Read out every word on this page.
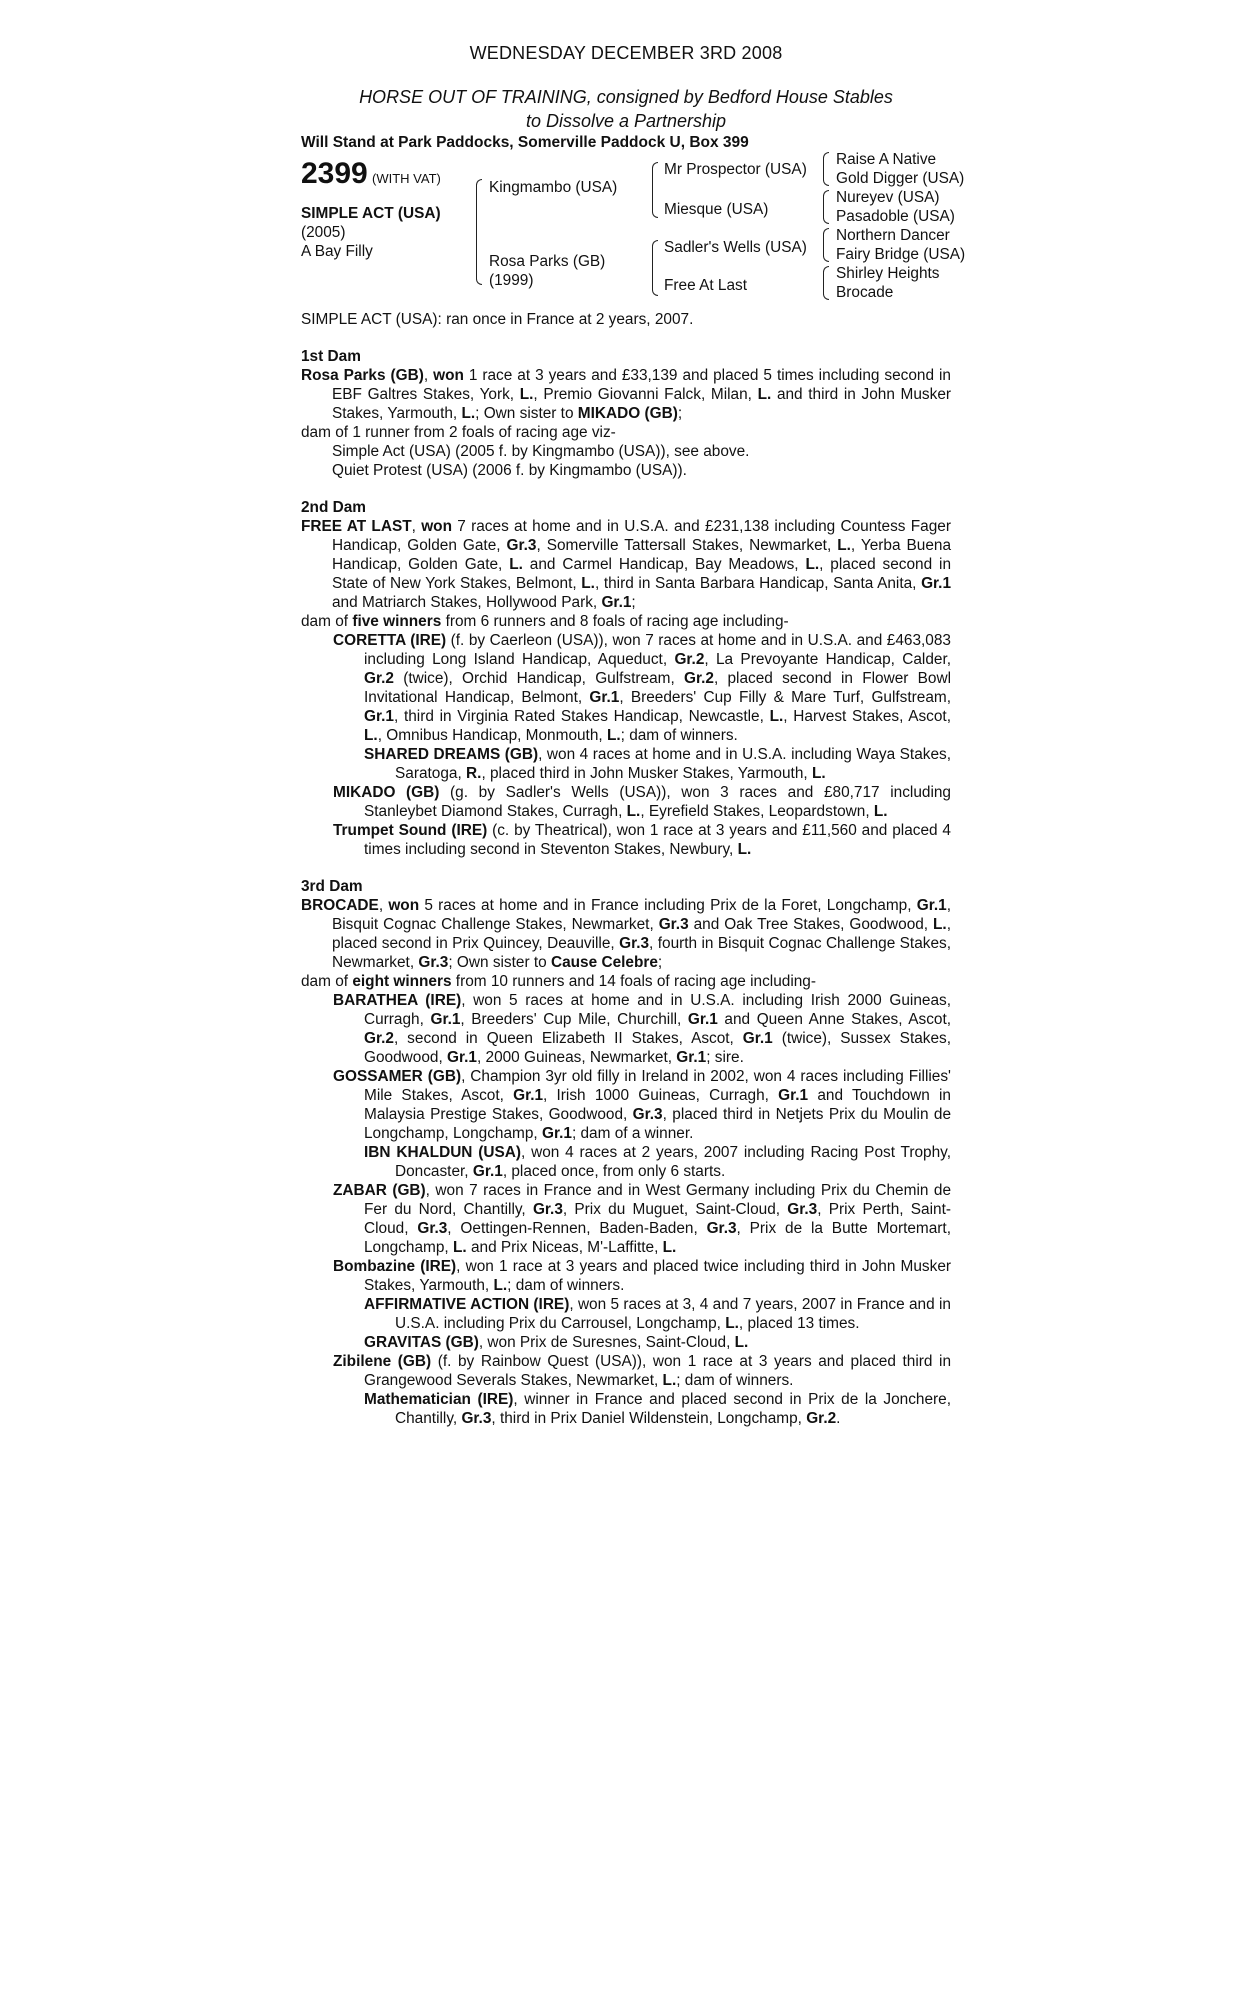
WEDNESDAY DECEMBER 3RD 2008
HORSE OUT OF TRAINING, consigned by Bedford House Stables
to Dissolve a Partnership
Will Stand at Park Paddocks, Somerville Paddock U, Box 399
2399 (WITH VAT)
SIMPLE ACT (USA)
(2005)
A Bay Filly
Kingmambo (USA)
Rosa Parks (GB)
(1999)
Mr Prospector (USA)
Miesque (USA)
Sadler's Wells (USA)
Free At Last
Raise A Native
Gold Digger (USA)
Nureyev (USA)
Pasadoble (USA)
Northern Dancer
Fairy Bridge (USA)
Shirley Heights
Brocade
SIMPLE ACT (USA): ran once in France at 2 years, 2007.
1st Dam
Rosa Parks (GB), won 1 race at 3 years and £33,139 and placed 5 times including second in EBF Galtres Stakes, York, L., Premio Giovanni Falck, Milan, L. and third in John Musker Stakes, Yarmouth, L.; Own sister to MIKADO (GB);
dam of 1 runner from 2 foals of racing age viz-
Simple Act (USA) (2005 f. by Kingmambo (USA)), see above.
Quiet Protest (USA) (2006 f. by Kingmambo (USA)).
2nd Dam
FREE AT LAST, won 7 races at home and in U.S.A. and £231,138 including Countess Fager Handicap, Golden Gate, Gr.3, Somerville Tattersall Stakes, Newmarket, L., Yerba Buena Handicap, Golden Gate, L. and Carmel Handicap, Bay Meadows, L., placed second in State of New York Stakes, Belmont, L., third in Santa Barbara Handicap, Santa Anita, Gr.1 and Matriarch Stakes, Hollywood Park, Gr.1;
dam of five winners from 6 runners and 8 foals of racing age including-
CORETTA (IRE) (f. by Caerleon (USA)), won 7 races at home and in U.S.A. and £463,083 including Long Island Handicap, Aqueduct, Gr.2, La Prevoyante Handicap, Calder, Gr.2 (twice), Orchid Handicap, Gulfstream, Gr.2, placed second in Flower Bowl Invitational Handicap, Belmont, Gr.1, Breeders' Cup Filly & Mare Turf, Gulfstream, Gr.1, third in Virginia Rated Stakes Handicap, Newcastle, L., Harvest Stakes, Ascot, L., Omnibus Handicap, Monmouth, L.; dam of winners.
SHARED DREAMS (GB), won 4 races at home and in U.S.A. including Waya Stakes, Saratoga, R., placed third in John Musker Stakes, Yarmouth, L.
MIKADO (GB) (g. by Sadler's Wells (USA)), won 3 races and £80,717 including Stanleybet Diamond Stakes, Curragh, L., Eyrefield Stakes, Leopardstown, L.
Trumpet Sound (IRE) (c. by Theatrical), won 1 race at 3 years and £11,560 and placed 4 times including second in Steventon Stakes, Newbury, L.
3rd Dam
BROCADE, won 5 races at home and in France including Prix de la Foret, Longchamp, Gr.1, Bisquit Cognac Challenge Stakes, Newmarket, Gr.3 and Oak Tree Stakes, Goodwood, L., placed second in Prix Quincey, Deauville, Gr.3, fourth in Bisquit Cognac Challenge Stakes, Newmarket, Gr.3; Own sister to Cause Celebre;
dam of eight winners from 10 runners and 14 foals of racing age including-
BARATHEA (IRE), won 5 races at home and in U.S.A. including Irish 2000 Guineas, Curragh, Gr.1, Breeders' Cup Mile, Churchill, Gr.1 and Queen Anne Stakes, Ascot, Gr.2, second in Queen Elizabeth II Stakes, Ascot, Gr.1 (twice), Sussex Stakes, Goodwood, Gr.1, 2000 Guineas, Newmarket, Gr.1; sire.
GOSSAMER (GB), Champion 3yr old filly in Ireland in 2002, won 4 races including Fillies' Mile Stakes, Ascot, Gr.1, Irish 1000 Guineas, Curragh, Gr.1 and Touchdown in Malaysia Prestige Stakes, Goodwood, Gr.3, placed third in Netjets Prix du Moulin de Longchamp, Longchamp, Gr.1; dam of a winner.
IBN KHALDUN (USA), won 4 races at 2 years, 2007 including Racing Post Trophy, Doncaster, Gr.1, placed once, from only 6 starts.
ZABAR (GB), won 7 races in France and in West Germany including Prix du Chemin de Fer du Nord, Chantilly, Gr.3, Prix du Muguet, Saint-Cloud, Gr.3, Prix Perth, Saint-Cloud, Gr.3, Oettingen-Rennen, Baden-Baden, Gr.3, Prix de la Butte Mortemart, Longchamp, L. and Prix Niceas, M'-Laffitte, L.
Bombazine (IRE), won 1 race at 3 years and placed twice including third in John Musker Stakes, Yarmouth, L.; dam of winners.
AFFIRMATIVE ACTION (IRE), won 5 races at 3, 4 and 7 years, 2007 in France and in U.S.A. including Prix du Carrousel, Longchamp, L., placed 13 times.
GRAVITAS (GB), won Prix de Suresnes, Saint-Cloud, L.
Zibilene (GB) (f. by Rainbow Quest (USA)), won 1 race at 3 years and placed third in Grangewood Severals Stakes, Newmarket, L.; dam of winners.
Mathematician (IRE), winner in France and placed second in Prix de la Jonchere, Chantilly, Gr.3, third in Prix Daniel Wildenstein, Longchamp, Gr.2.
